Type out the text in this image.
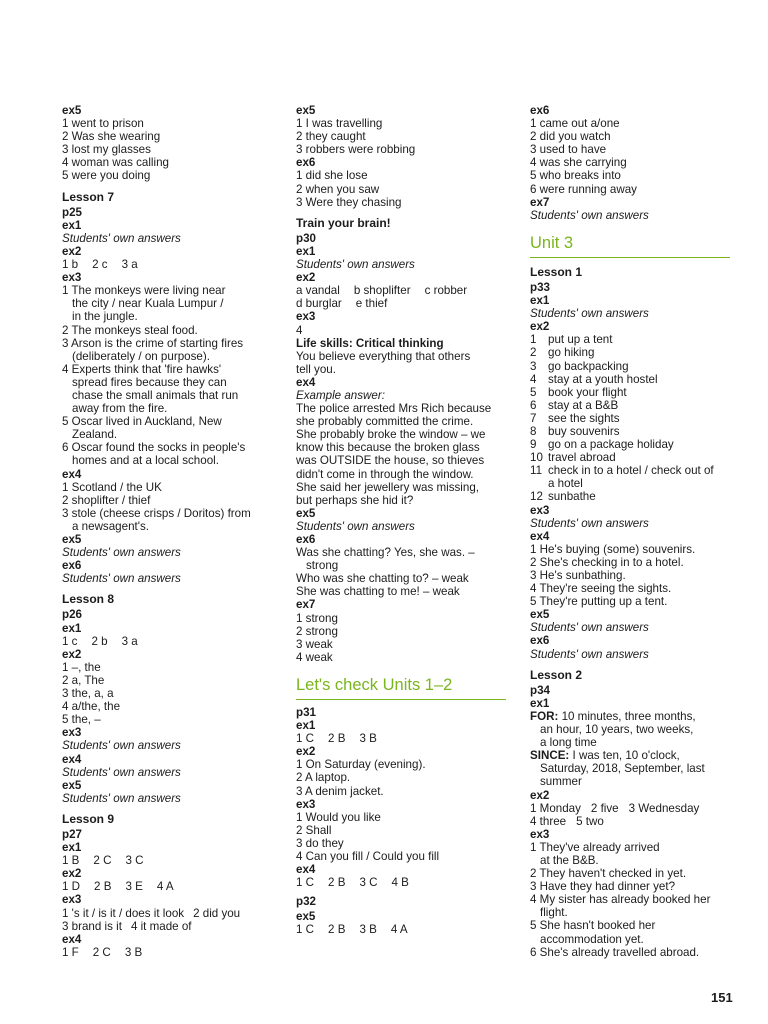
ex5
1 went to prison
2 Was she wearing
3 lost my glasses
4 woman was calling
5 were you doing
Lesson 7
p25
ex1
Students' own answers
ex2
1 b 2 c 3 a
ex3
1 The monkeys were living near
the city / near Kuala Lumpur /
in the jungle.
2 The monkeys steal food.
3 Arson is the crime of starting fires
(deliberately / on purpose).
4 Experts think that 'fire hawks'
spread fires because they can
chase the small animals that run
away from the fire.
5 Oscar lived in Auckland, New
Zealand.
6 Oscar found the socks in people's
homes and at a local school.
ex4
1 Scotland / the UK
2 shoplifter / thief
3 stole (cheese crisps / Doritos) from
a newsagent's.
ex5
Students' own answers
ex6
Students' own answers
Lesson 8
p26
ex1
1 c 2 b 3 a
ex2
1 –, the
2 a, The
3 the, a, a
4 a/the, the
5 the, –
ex3
Students' own answers
ex4
Students' own answers
ex5
Students' own answers
Lesson 9
p27
ex1
1 B 2 C 3 C
ex2
1 D 2 B 3 E 4 A
ex3
1 's it / is it / does it look 2 did you
3 brand is it 4 it made of
ex4
1 F 2 C 3 B
ex5
1 I was travelling
2 they caught
3 robbers were robbing
ex6
1 did she lose
2 when you saw
3 Were they chasing
Train your brain!
p30
ex1
Students' own answers
ex2
a vandal b shoplifter c robber
d burglar e thief
ex3
4
Life skills: Critical thinking
You believe everything that others
tell you.
ex4
Example answer:
The police arrested Mrs Rich because
she probably committed the crime.
She probably broke the window – we
know this because the broken glass
was OUTSIDE the house, so thieves
didn't come in through the window.
She said her jewellery was missing,
but perhaps she hid it?
ex5
Students' own answers
ex6
Was she chatting? Yes, she was. –
strong
Who was she chatting to? – weak
She was chatting to me! – weak
ex7
1 strong
2 strong
3 weak
4 weak
Let's check Units 1–2
p31
ex1
1 C 2 B 3 B
ex2
1 On Saturday (evening).
2 A laptop.
3 A denim jacket.
ex3
1 Would you like
2 Shall
3 do they
4 Can you fill / Could you fill
ex4
1 C 2 B 3 C 4 B
p32
ex5
1 C 2 B 3 B 4 A
ex6
1 came out a/one
2 did you watch
3 used to have
4 was she carrying
5 who breaks into
6 were running away
ex7
Students' own answers
Unit 3
Lesson 1
p33
ex1
Students' own answers
ex2
1 put up a tent
2 go hiking
3 go backpacking
4 stay at a youth hostel
5 book your flight
6 stay at a B&B
7 see the sights
8 buy souvenirs
9 go on a package holiday
10 travel abroad
11 check in to a hotel / check out of
a hotel
12 sunbathe
ex3
Students' own answers
ex4
1 He's buying (some) souvenirs.
2 She's checking in to a hotel.
3 He's sunbathing.
4 They're seeing the sights.
5 They're putting up a tent.
ex5
Students' own answers
ex6
Students' own answers
Lesson 2
p34
ex1
FOR: 10 minutes, three months,
an hour, 10 years, two weeks,
a long time
SINCE: I was ten, 10 o'clock,
Saturday, 2018, September, last
summer
ex2
1 Monday 2 five 3 Wednesday
4 three 5 two
ex3
1 They've already arrived
at the B&B.
2 They haven't checked in yet.
3 Have they had dinner yet?
4 My sister has already booked her
flight.
5 She hasn't booked her
accommodation yet.
6 She's already travelled abroad.
151
